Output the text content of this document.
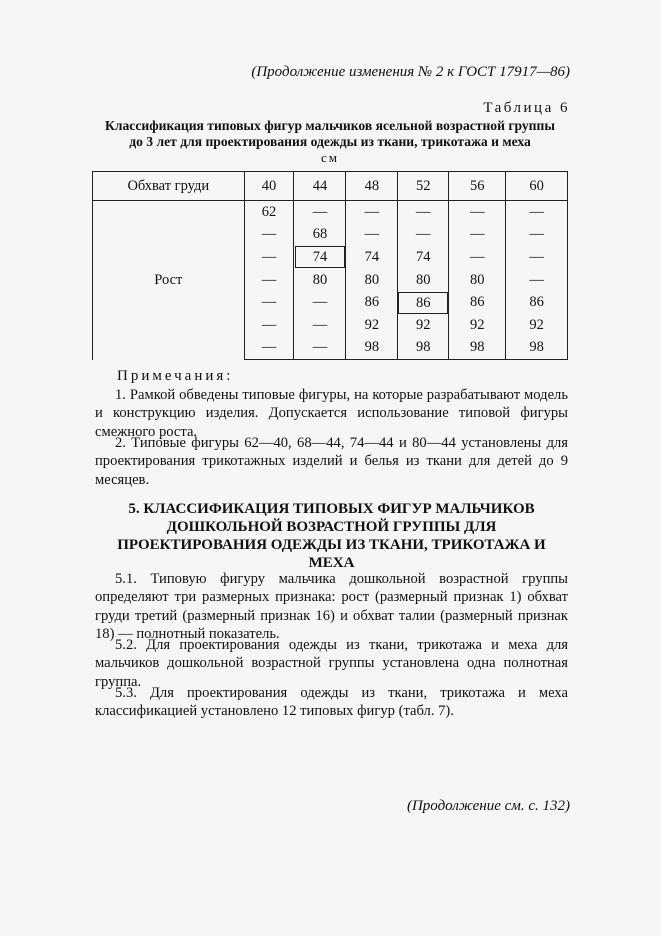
(Продолжение изменения № 2 к ГОСТ 17917—86)
Таблица 6
Классификация типовых фигур мальчиков ясельной возрастной группы
до 3 лет для проектирования одежды из ткани, трикотажа и меха
см
Обхват груди	40	44	48	52	56	60
Рост	62	—	—	—	—	—
	—	68	—	—	—	—
	—	74	74	74	—	—
	—	80	80	80	80	—
	—	—	86	86	86	86
	—	—	92	92	92	92
	—	—	98	98	98	98
Примечания:
1. Рамкой обведены типовые фигуры, на которые разрабатывают модель и конструкцию изделия. Допускается использование типовой фигуры смежного роста.
2. Типовые фигуры 62—40, 68—44, 74—44 и 80—44 установлены для проектирования трикотажных изделий и белья из ткани для детей до 9 месяцев.
5. КЛАССИФИКАЦИЯ ТИПОВЫХ ФИГУР МАЛЬЧИКОВ ДОШКОЛЬНОЙ ВОЗРАСТНОЙ ГРУППЫ ДЛЯ ПРОЕКТИРОВАНИЯ ОДЕЖДЫ ИЗ ТКАНИ, ТРИКОТАЖА И МЕХА
5.1. Типовую фигуру мальчика дошкольной возрастной группы определяют три размерных признака: рост (размерный признак 1) обхват груди третий (размерный признак 16) и обхват талии (размерный признак 18) — полнотный показатель.
5.2. Для проектирования одежды из ткани, трикотажа и меха для мальчиков дошкольной возрастной группы установлена одна полнотная группа.
5.3. Для проектирования одежды из ткани, трикотажа и меха классификацией установлено 12 типовых фигур (табл. 7).
(Продолжение см. с. 132)
